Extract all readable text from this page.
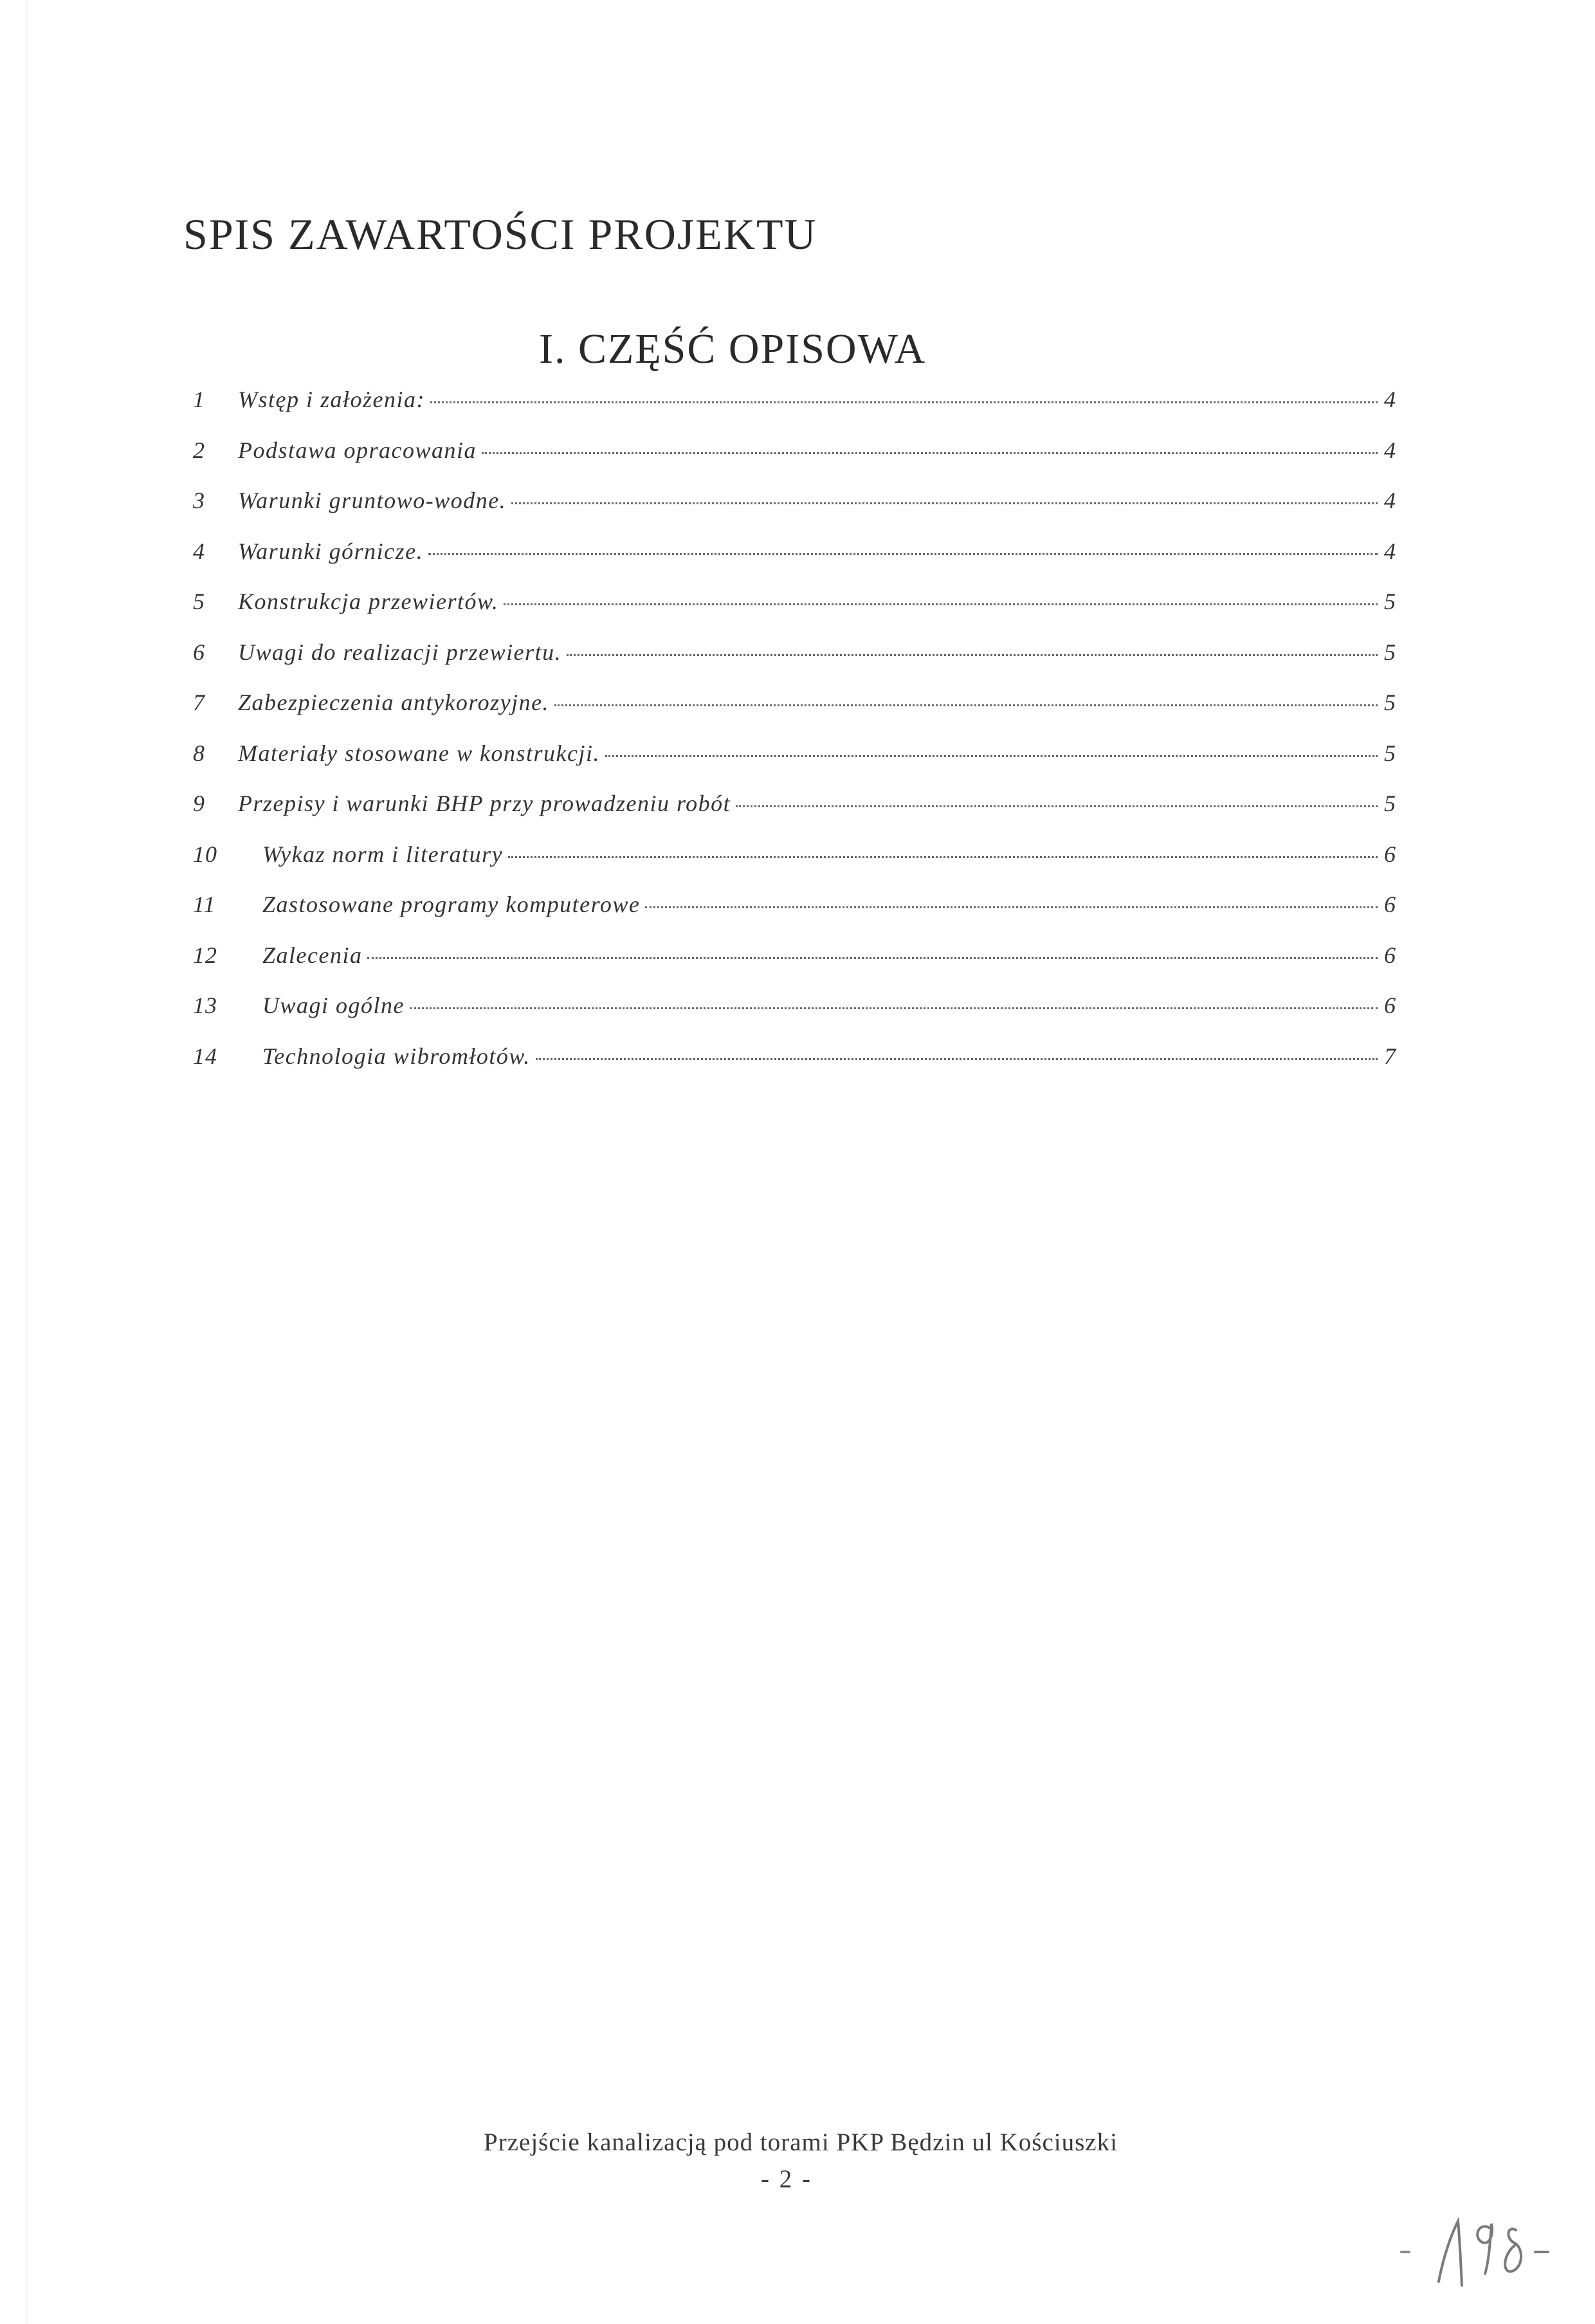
SPIS ZAWARTOŚCI PROJEKTU
I. CZĘŚĆ OPISOWA
1	Wstęp i założenia:	4
2	Podstawa opracowania	4
3	Warunki gruntowo-wodne.	4
4	Warunki górnicze.	4
5	Konstrukcja przewiertów.	5
6	Uwagi do realizacji przewiertu.	5
7	Zabezpieczenia antykorozyjne.	5
8	Materiały stosowane w konstrukcji.	5
9	Przepisy i warunki BHP przy prowadzeniu robót	5
10	Wykaz norm i literatury	6
11	Zastosowane programy komputerowe	6
12	Zalecenia	6
13	Uwagi ogólne	6
14	Technologia wibromłotów.	7
Przejście kanalizacją pod torami PKP Będzin ul Kościuszki
- 2 -
